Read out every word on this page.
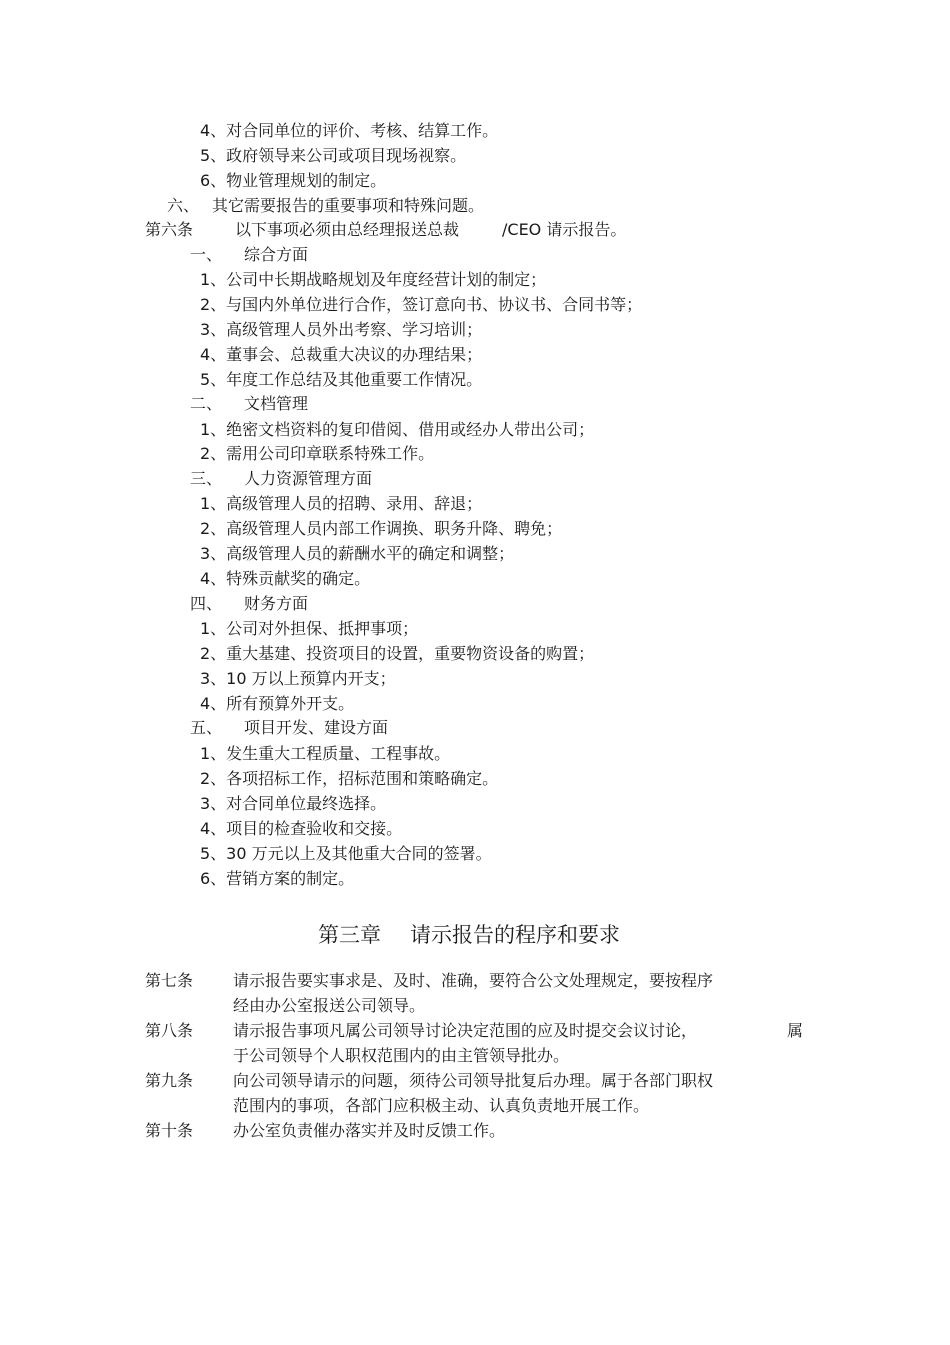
4、对合同单位的评价、考核、结算工作。
5、政府领导来公司或项目现场视察。
6、物业管理规划的制定。
六、 其它需要报告的重要事项和特殊问题。
第六条	以下事项必须由总经理报送总裁	/CEO 请示报告。
一、 综合方面
1、公司中长期战略规划及年度经营计划的制定；
2、与国内外单位进行合作，签订意向书、协议书、合同书等；
3、高级管理人员外出考察、学习培训；
4、董事会、总裁重大决议的办理结果；
5、年度工作总结及其他重要工作情况。
二、 文档管理
1、绝密文档资料的复印借阅、借用或经办人带出公司；
2、需用公司印章联系特殊工作。
三、 人力资源管理方面
1、高级管理人员的招聘、录用、辞退；
2、高级管理人员内部工作调换、职务升降、聘免；
3、高级管理人员的薪酬水平的确定和调整；
4、特殊贡献奖的确定。
四、 财务方面
1、公司对外担保、抵押事项；
2、重大基建、投资项目的设置，重要物资设备的购置；
3、10 万以上预算内开支；
4、所有预算外开支。
五、 项目开发、建设方面
1、发生重大工程质量、工程事故。
2、各项招标工作，招标范围和策略确定。
3、对合同单位最终选择。
4、项目的检查验收和交接。
5、30 万元以上及其他重大合同的签署。
6、营销方案的制定。
第三章 请示报告的程序和要求
第七条 请示报告要实事求是、及时、准确，要符合公文处理规定，要按程序
经由办公室报送公司领导。
第八条 请示报告事项凡属公司领导讨论决定范围的应及时提交会议讨论，	属
于公司领导个人职权范围内的由主管领导批办。
第九条 向公司领导请示的问题，须待公司领导批复后办理。属于各部门职权
范围内的事项，各部门应积极主动、认真负责地开展工作。
第十条 办公室负责催办落实并及时反馈工作。
